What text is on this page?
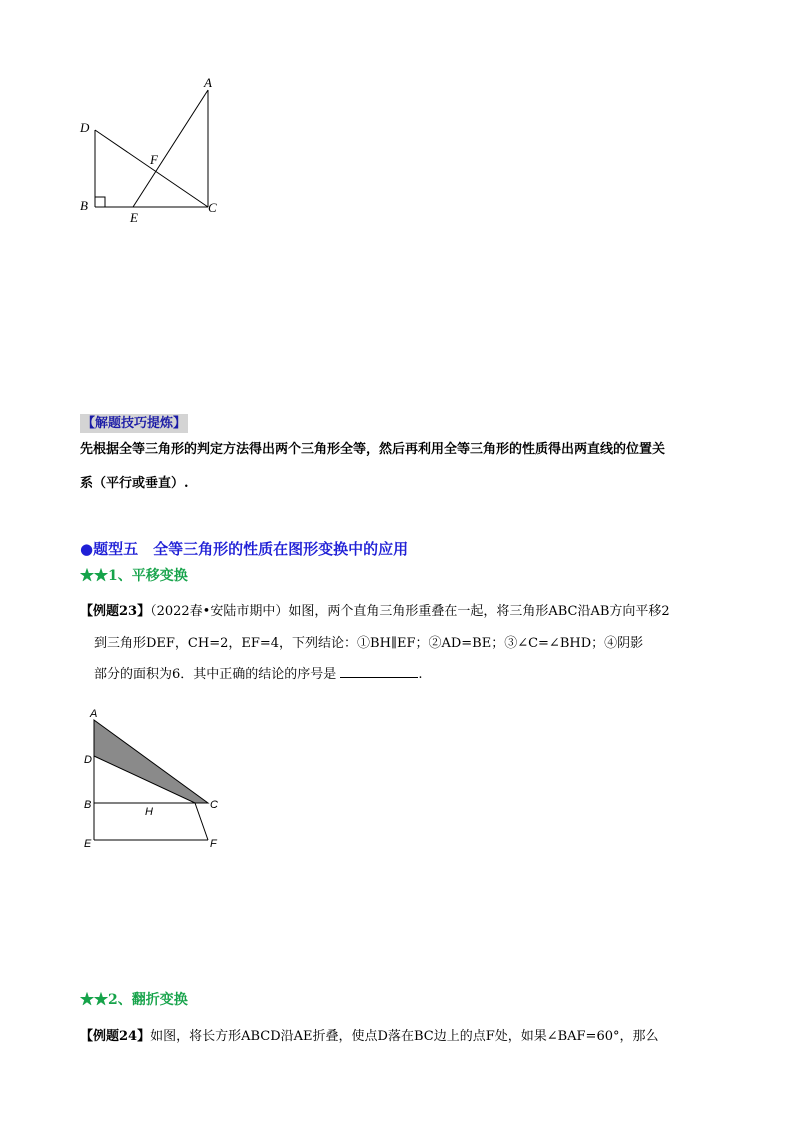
A
D
F
B
E
C
【解题技巧提炼】
先根据全等三角形的判定方法得出两个三角形全等，然后再利用全等三角形的性质得出两直线的位置关
系（平行或垂直）.
●题型五　全等三角形的性质在图形变换中的应用
★★1、平移变换
【例题23】（2022春•安陆市期中）如图，两个直角三角形重叠在一起，将三角形ABC沿AB方向平移2
到三角形DEF，CH=2，EF=4，下列结论：①BH∥EF；②AD=BE；③∠C=∠BHD；④阴影
部分的面积为6．其中正确的结论的序号是	.
A
D
B
H
C
E	F
★★2、翻折变换
【例题24】如图，将长方形ABCD沿AE折叠，使点D落在BC边上的点F处，如果∠BAF=60°，那么
